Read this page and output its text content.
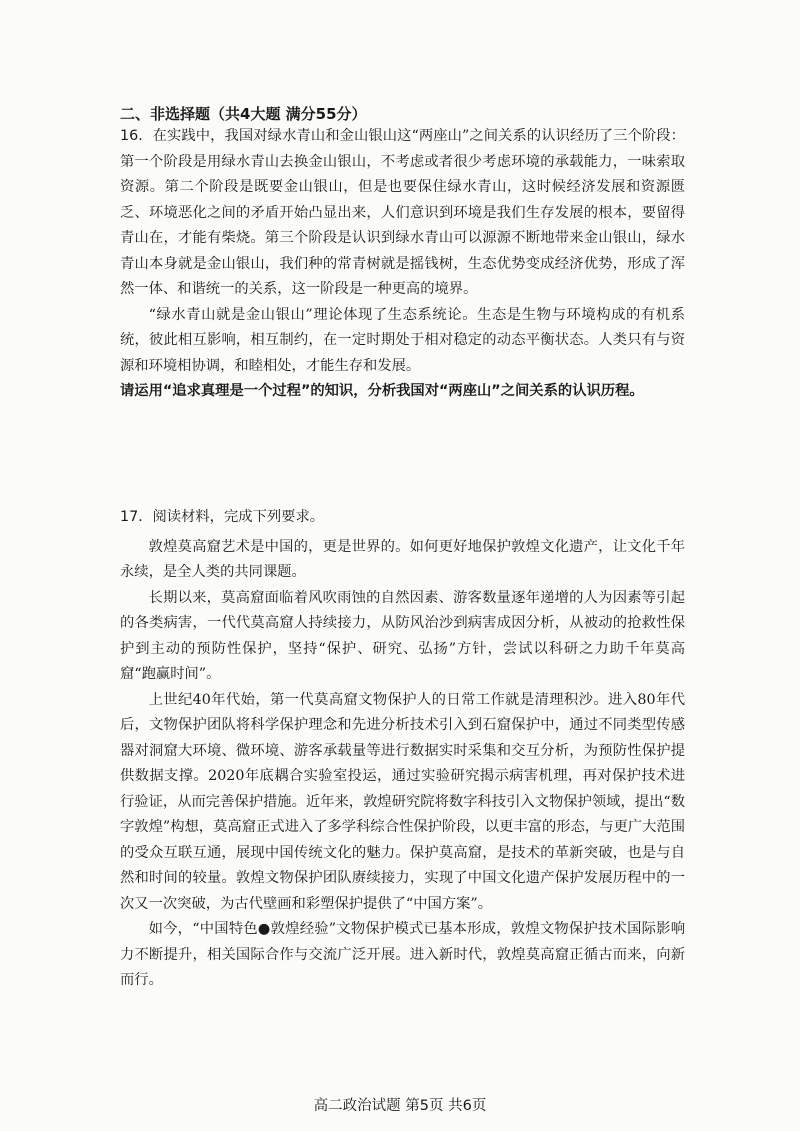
二、非选择题（共4大题 满分55分）

16．在实践中，我国对绿水青山和金山银山这“两座山”之间关系的认识经历了三个阶段：第一个阶段是用绿水青山去换金山银山，不考虑或者很少考虑环境的承载能力，一味索取资源。第二个阶段是既要金山银山，但是也要保住绿水青山，这时候经济发展和资源匮乏、环境恶化之间的矛盾开始凸显出来，人们意识到环境是我们生存发展的根本，要留得青山在，才能有柴烧。第三个阶段是认识到绿水青山可以源源不断地带来金山银山，绿水青山本身就是金山银山，我们种的常青树就是摇钱树，生态优势变成经济优势，形成了浑然一体、和谐统一的关系，这一阶段是一种更高的境界。

“绿水青山就是金山银山”理论体现了生态系统论。生态是生物与环境构成的有机系统，彼此相互影响，相互制约，在一定时期处于相对稳定的动态平衡状态。人类只有与资源和环境相协调，和睦相处，才能生存和发展。

请运用“追求真理是一个过程”的知识，分析我国对“两座山”之间关系的认识历程。

17．阅读材料，完成下列要求。

敦煌莫高窟艺术是中国的，更是世界的。如何更好地保护敦煌文化遗产，让文化千年永续，是全人类的共同课题。

长期以来，莫高窟面临着风吹雨蚀的自然因素、游客数量逐年递增的人为因素等引起的各类病害，一代代莫高窟人持续接力，从防风治沙到病害成因分析，从被动的抢救性保护到主动的预防性保护，坚持“保护、研究、弘扬”方针，尝试以科研之力助千年莫高窟“跑赢时间”。

上世纪40年代始，第一代莫高窟文物保护人的日常工作就是清理积沙。进入80年代后，文物保护团队将科学保护理念和先进分析技术引入到石窟保护中，通过不同类型传感器对洞窟大环境、微环境、游客承载量等进行数据实时采集和交互分析，为预防性保护提供数据支撑。2020年底耦合实验室投运，通过实验研究揭示病害机理，再对保护技术进行验证，从而完善保护措施。近年来，敦煌研究院将数字科技引入文物保护领域，提出“数字敦煌”构想，莫高窟正式进入了多学科综合性保护阶段，以更丰富的形态，与更广大范围的受众互联互通，展现中国传统文化的魅力。保护莫高窟，是技术的革新突破，也是与自然和时间的较量。敦煌文物保护团队赓续接力，实现了中国文化遗产保护发展历程中的一次又一次突破，为古代壁画和彩塑保护提供了“中国方案”。

如今，“中国特色●敦煌经验”文物保护模式已基本形成，敦煌文物保护技术国际影响力不断提升，相关国际合作与交流广泛开展。进入新时代，敦煌莫高窟正循古而来，向新而行。

高二政治试题 第5页 共6页
